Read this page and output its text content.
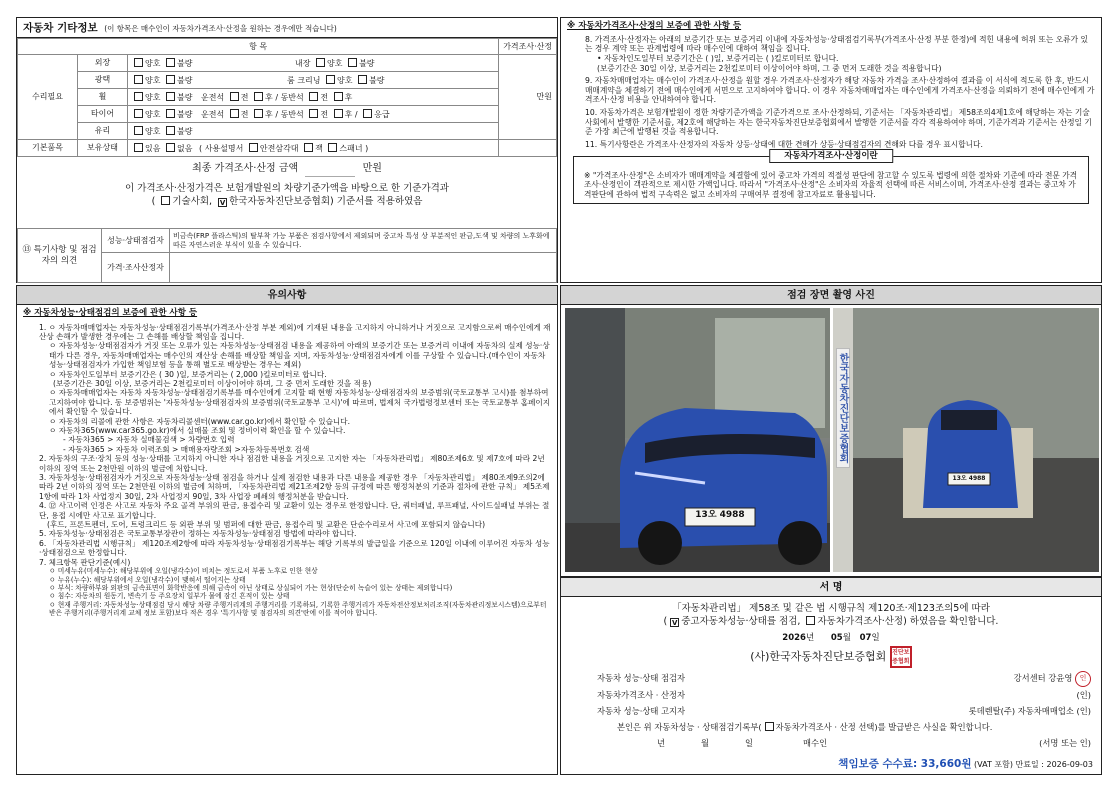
자동차 기타정보 (이 항목은 매수인이 자동차가격조사·산정을 원하는 경우에만 적습니다)
항 목			가격조사·산정
수리필요	외장	양호 불량 내장 양호 불량	만원
	광택	양호 불량 룸 크리닝 양호 불량	
	휠	양호 불량 운전석 전 후 / 동반석 전 후	
	타이어	양호 불량 운전석 전 후 / 동반석 전 후 / 응급	
	유리	양호 불량	
기본품목	보유상태	있음 없음 ( 사용설명서 안전삼각대 잭 스패너 )	
최종 가격조사·산정 금액	만원
이 가격조사·산정가격은 보험개발원의 차량기준가액을 바탕으로 한 기준가격과
( 기술사회, V 한국자동차진단보증협회) 기준서를 적용하였음
⑬ 특기사항 및 점검자의 의견	성능·상태점검자	비금속(FRP 플라스틱)의 탈부착 가능 부품은 점검사항에서 제외되며 중고차 특성 상 부분적인 판금,도색 및 차량의 노후화에 따른 자연스러운 부식이 있을 수 있습니다.
	가격·조사산정자	
※ 자동차가격조사·산정의 보증에 관한 사항 등
8. 가격조사·산정자는 아래의 보증기간 또는 보증거리 이내에 자동차성능·상태점검기록부(가격조사·산정 부분 한정)에 적힌 내용에 허위 또는 오류가 있는 경우 계약 또는 관계법령에 따라 매수인에 대하여 책임을 집니다.
• 자동차인도일부터 보증기간은 ( )일, 보증거리는 ( )킬로미터로 합니다.
(보증기간은 30일 이상, 보증거리는 2천킬로미터 이상이어야 하며, 그 중 먼저 도래한 것을 적용합니다)
9. 자동차매매업자는 매수인이 가격조사·산정을 원할 경우 가격조사·산정자가 해당 자동차 가격을 조사·산정하여 결과를 이 서식에 적도록 한 후, 반드시 매매계약을 체결하기 전에 매수인에게 서면으로 고지하여야 합니다. 이 경우 자동차매매업자는 매수인에게 가격조사·산정을 의뢰하기 전에 매수인에게 가격조사·산정 비용을 안내하여야 합니다.
10. 자동차가격은 보험개발원이 정한 차량기준가액을 기준가격으로 조사·산정하되, 기준서는 「자동차관리법」 제58조의4제1호에 해당하는 자는 기술사회에서 발행한 기준서를, 제2호에 해당하는 자는 한국자동차진단보증협회에서 발행한 기준서를 각각 적용하여야 하며, 기준가격과 기준서는 산정일 기준 가장 최근에 발행된 것을 적용합니다.
11. 특기사항란은 가격조사·산정자의 자동차 상등·상태에 대한 견해가 상등·상태점검자의 견해와 다를 경우 표시합니다.
자동차가격조사·산정이란
※ "가격조사·산정"은 소비자가 매매계약을 체결함에 있어 중고차 가격의 적절성 판단에 참고할 수 있도록 법령에 의한 절차와 기준에 따라 전문 가격조사·산정인이 객관적으로 제시한 가액입니다. 따라서 "가격조사·산정"은 소비자의 자율적 선택에 따른 서비스이며, 가격조사·산정 결과는 중고차 가격판단에 관하여 법적 구속력은 없고 소비자의 구매여부 결정에 참고자료로 활용됩니다.
유의사항
※ 자동차성능·상태점검의 보증에 관한 사항 등
1. ㅇ 자동차매매업자는 자동차성능·상태점검기록부(가격조사·산정 부분 제외)에 기재된 내용을 고지하지 아니하거나 거짓으로 고지함으로써 매수인에게 재산상 손해가 발생한 경우에는 그 손해를 배상할 책임을 집니다.
ㅇ 자동차성능·상태점검자가 거짓 또는 오류가 있는 자동차성능·상태점검 내용을 제공하여 아래의 보증기간 또는 보증거리 이내에 자동차의 실제 성능·상태가 다른 경우, 자동차매매업자는 매수인의 재산상 손해를 배상할 책임을 지며, 자동차성능·상태점검자에게 이를 구상할 수 있습니다.(매수인이 자동차성능·상태점검자가 가입한 책임보험 등을 통해 별도로 배상받는 경우는 제외)
ㅇ 자동차인도일부터 보증기간은 ( 30 )일, 보증거리는 ( 2,000 )킬로미터로 합니다.
(보증기간은 30일 이상, 보증거리는 2천킬로미터 이상이어야 하며, 그 중 먼저 도래한 것을 적용)
ㅇ 자동차매매업자는 자동차 자동차성능·상태점검기록부를 매수인에게 고지할 때 현행 자동차성능·상태점검자의 보증범위(국토교통부 고시)를 첨부하여 고지하여야 합니다. 동 보증범위는 '자동차성능·상태점검자의 보증범위(국토교통부 고시)'에 따르며, 법제처 국가법령정보센터 또는 국토교통부 홈페이지에서 확인할 수 있습니다.
ㅇ 자동차의 리콜에 관한 사항은 자동차리콜센터(www.car.go.kr)에서 확인할 수 있습니다.
ㅇ 자동차365(www.car365.go.kr)에서 실매물 조회 및 정비이력 확인을 할 수 있습니다.
- 자동차365 > 자동차 실매물검색 > 차량번호 입력
- 자동차365 > 자동차 이력조회 > 매매용자량조회 >자동차등록번호 검색
2. 자동차의 구조·장치 등의 성능·상태를 고지하지 아니한 자나 점검한 내용을 거짓으로 고지한 자는 「자동차관리법」 제80조제6호 및 제7호에 따라 2년 이하의 징역 또는 2천만원 이하의 벌금에 처합니다.
3. 자동차성능·상태점검자가 거짓으로 자동차성능·상태 점검을 하거나 실제 점검한 내용과 다른 내용을 제공한 경우 「자동차관리법」 제80조제9조의2에 따라 2년 이하의 징역 또는 2천만원 이하의 벌금에 처하며, 「자동차관리법 제21조제2항 등의 규정에 따른 행정처분의 기준과 절차에 관한 규칙」 제5조제1항에 따라 1차 사업정지 30일, 2차 사업정지 90일, 3차 사업장 폐쇄의 행정처분을 받습니다.
4. ⑫ 사고이력 인정은 사고로 자동차 주요 골격 부위의 판금, 용접수리 및 교환이 있는 경우로 한정합니다. 단, 쿼터패널, 루프패널, 사이드실패널 부위는 절단, 용접 시에만 사고로 표기합니다.
(후드, 프론트펜더, 도어, 트렁크리드 등 외판 부위 및 범퍼에 대한 판금, 용접수리 및 교환은 단순수리로서 사고에 포함되지 않습니다)
5. 자동차성능·상태점검은 국토교통부장관이 정하는 자동차성능·상태점검 방법에 따라야 합니다.
6. 「자동차관리법 시행규칙」 제120조제2항에 따라 자동차성능·상태점검기록부는 해당 기록부의 발급일을 기준으로 120일 이내에 이루어진 자동차 성능·상태점검으로 한정합니다.
7. 체크항목 판단기준(예시)
ㅇ 미세누유(미세누수): 해당부위에 오일(냉각수)이 비치는 정도로서 부품 노후로 인한 현상
ㅇ 누유(누수): 해당부위에서 오일(냉각수)이 맺혀서 떨어지는 상태
ㅇ 부식: 차량하부와 외판의 금속표면이 화학반응에 의해 금속이 아닌 상태로 상실되어 가는 현상(단순히 녹슬어 있는 상태는 제외합니다)
ㅇ 침수: 자동차의 원동기, 변속기 등 주요장치 일부가 물에 잠긴 흔적이 있는 상태
ㅇ 현재 주행거리: 자동차성능·상태점검 당시 해당 차량 주행거리계의 주행거리를 기록하되, 기록한 주행거리가 자동차전산정보처리조직(자동차관리정보시스템)으로부터 받은 주행거리(주행거리계 교체 정보 포함)보다 적은 경우 '특기사항 및 점검자의 의견'란에 이를 적어야 합니다.
점검 장면 촬영 사진
13오 4988
13오 4988
한국자동차진단보증협회
서 명
「자동차관리법」 제58조 및 같은 법 시행규칙 제120조·제123조의5에 따라
( V 중고자동차성능·상태를 점검, 자동차가격조사·산정) 하였음을 확인합니다.
2026년 05월 07일
(사)한국자동차진단보증협회 진단보증협회
자동차 성능·상태 점검자	강서센터 강윤영 인
자동차가격조사 · 산정자	(인)
자동차 성능·상태 고지자	롯데렌탈(주) 자동차매매업소 (인)
본인은 위 자동차성능 · 상태점검기록부( 자동차가격조사 · 산정 선택)를 발급받은 사실을 확인합니다.
년	월	일	매수인	(서명 또는 인)
책임보증 수수료: 33,660원 (VAT 포함) 만료일 : 2026-09-03
